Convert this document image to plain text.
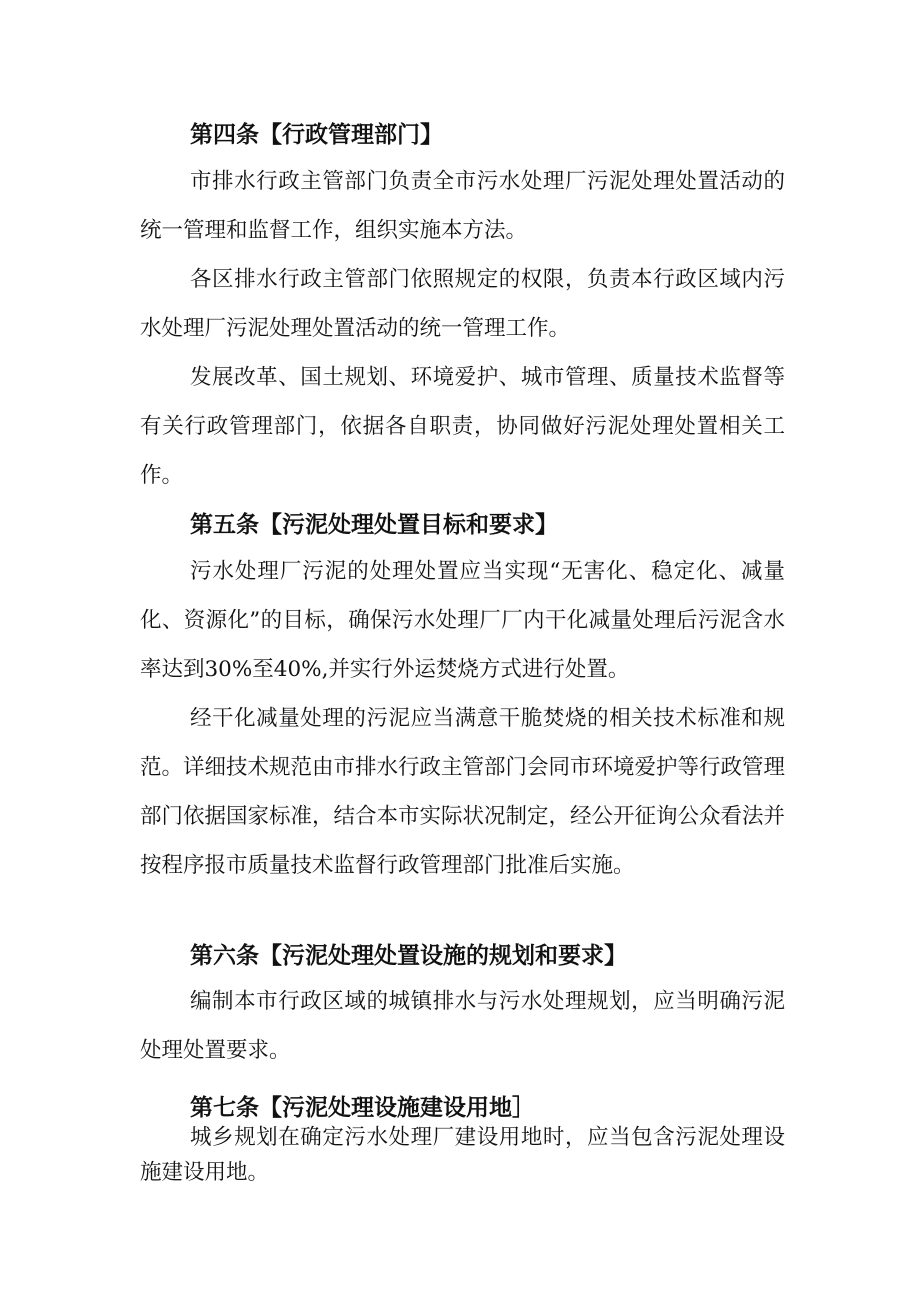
第四条【行政管理部门】

市排水行政主管部门负责全市污水处理厂污泥处理处置活动的统一管理和监督工作，组织实施本方法。

各区排水行政主管部门依照规定的权限，负责本行政区域内污水处理厂污泥处理处置活动的统一管理工作。

发展改革、国土规划、环境爱护、城市管理、质量技术监督等有关行政管理部门，依据各自职责，协同做好污泥处理处置相关工作。

第五条【污泥处理处置目标和要求】

污水处理厂污泥的处理处置应当实现“无害化、稳定化、减量化、资源化”的目标，确保污水处理厂厂内干化减量处理后污泥含水率达到30%至40%,并实行外运焚烧方式进行处置。

经干化减量处理的污泥应当满意干脆焚烧的相关技术标准和规范。详细技术规范由市排水行政主管部门会同市环境爱护等行政管理部门依据国家标准，结合本市实际状况制定，经公开征询公众看法并按程序报市质量技术监督行政管理部门批准后实施。

第六条【污泥处理处置设施的规划和要求】

编制本市行政区域的城镇排水与污水处理规划，应当明确污泥处理处置要求。

第七条【污泥处理设施建设用地］

城乡规划在确定污水处理厂建设用地时，应当包含污泥处理设施建设用地。
